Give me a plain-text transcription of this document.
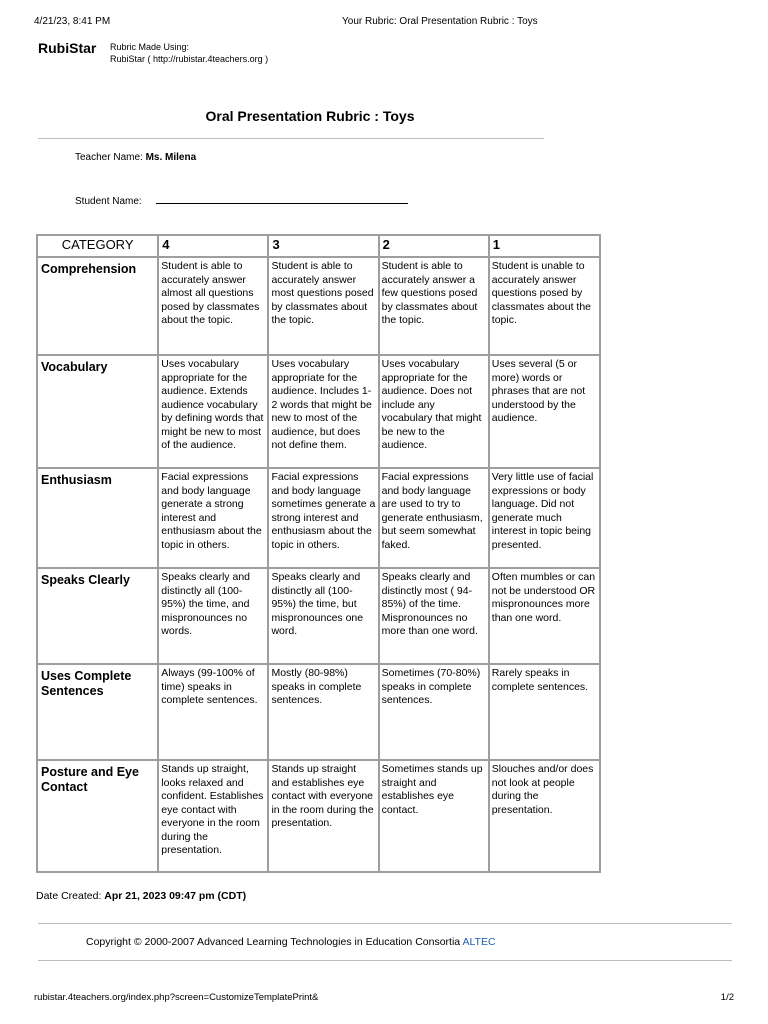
4/21/23, 8:41 PM	Your Rubric: Oral Presentation Rubric : Toys
RubiStar Rubric Made Using:
RubiStar ( http://rubistar.4teachers.org )
Oral Presentation Rubric : Toys
Teacher Name: Ms. Milena
Student Name:
CATEGORY	4	3	2	1
Comprehension	Student is able to accurately answer almost all questions posed by classmates about the topic.	Student is able to accurately answer most questions posed by classmates about the topic.	Student is able to accurately answer a few questions posed by classmates about the topic.	Student is unable to accurately answer questions posed by classmates about the topic.
Vocabulary	Uses vocabulary appropriate for the audience. Extends audience vocabulary by defining words that might be new to most of the audience.	Uses vocabulary appropriate for the audience. Includes 1-2 words that might be new to most of the audience, but does not define them.	Uses vocabulary appropriate for the audience. Does not include any vocabulary that might be new to the audience.	Uses several (5 or more) words or phrases that are not understood by the audience.
Enthusiasm	Facial expressions and body language generate a strong interest and enthusiasm about the topic in others.	Facial expressions and body language sometimes generate a strong interest and enthusiasm about the topic in others.	Facial expressions and body language are used to try to generate enthusiasm, but seem somewhat faked.	Very little use of facial expressions or body language. Did not generate much interest in topic being presented.
Speaks Clearly	Speaks clearly and distinctly all (100-95%) the time, and mispronounces no words.	Speaks clearly and distinctly all (100-95%) the time, but mispronounces one word.	Speaks clearly and distinctly most ( 94-85%) of the time. Mispronounces no more than one word.	Often mumbles or can not be understood OR mispronounces more than one word.
Uses Complete Sentences	Always (99-100% of time) speaks in complete sentences.	Mostly (80-98%) speaks in complete sentences.	Sometimes (70-80%) speaks in complete sentences.	Rarely speaks in complete sentences.
Posture and Eye Contact	Stands up straight, looks relaxed and confident. Establishes eye contact with everyone in the room during the presentation.	Stands up straight and establishes eye contact with everyone in the room during the presentation.	Sometimes stands up straight and establishes eye contact.	Slouches and/or does not look at people during the presentation.
Date Created: Apr 21, 2023 09:47 pm (CDT)
Copyright © 2000-2007 Advanced Learning Technologies in Education Consortia ALTEC
rubistar.4teachers.org/index.php?screen=CustomizeTemplatePrint&	1/2
